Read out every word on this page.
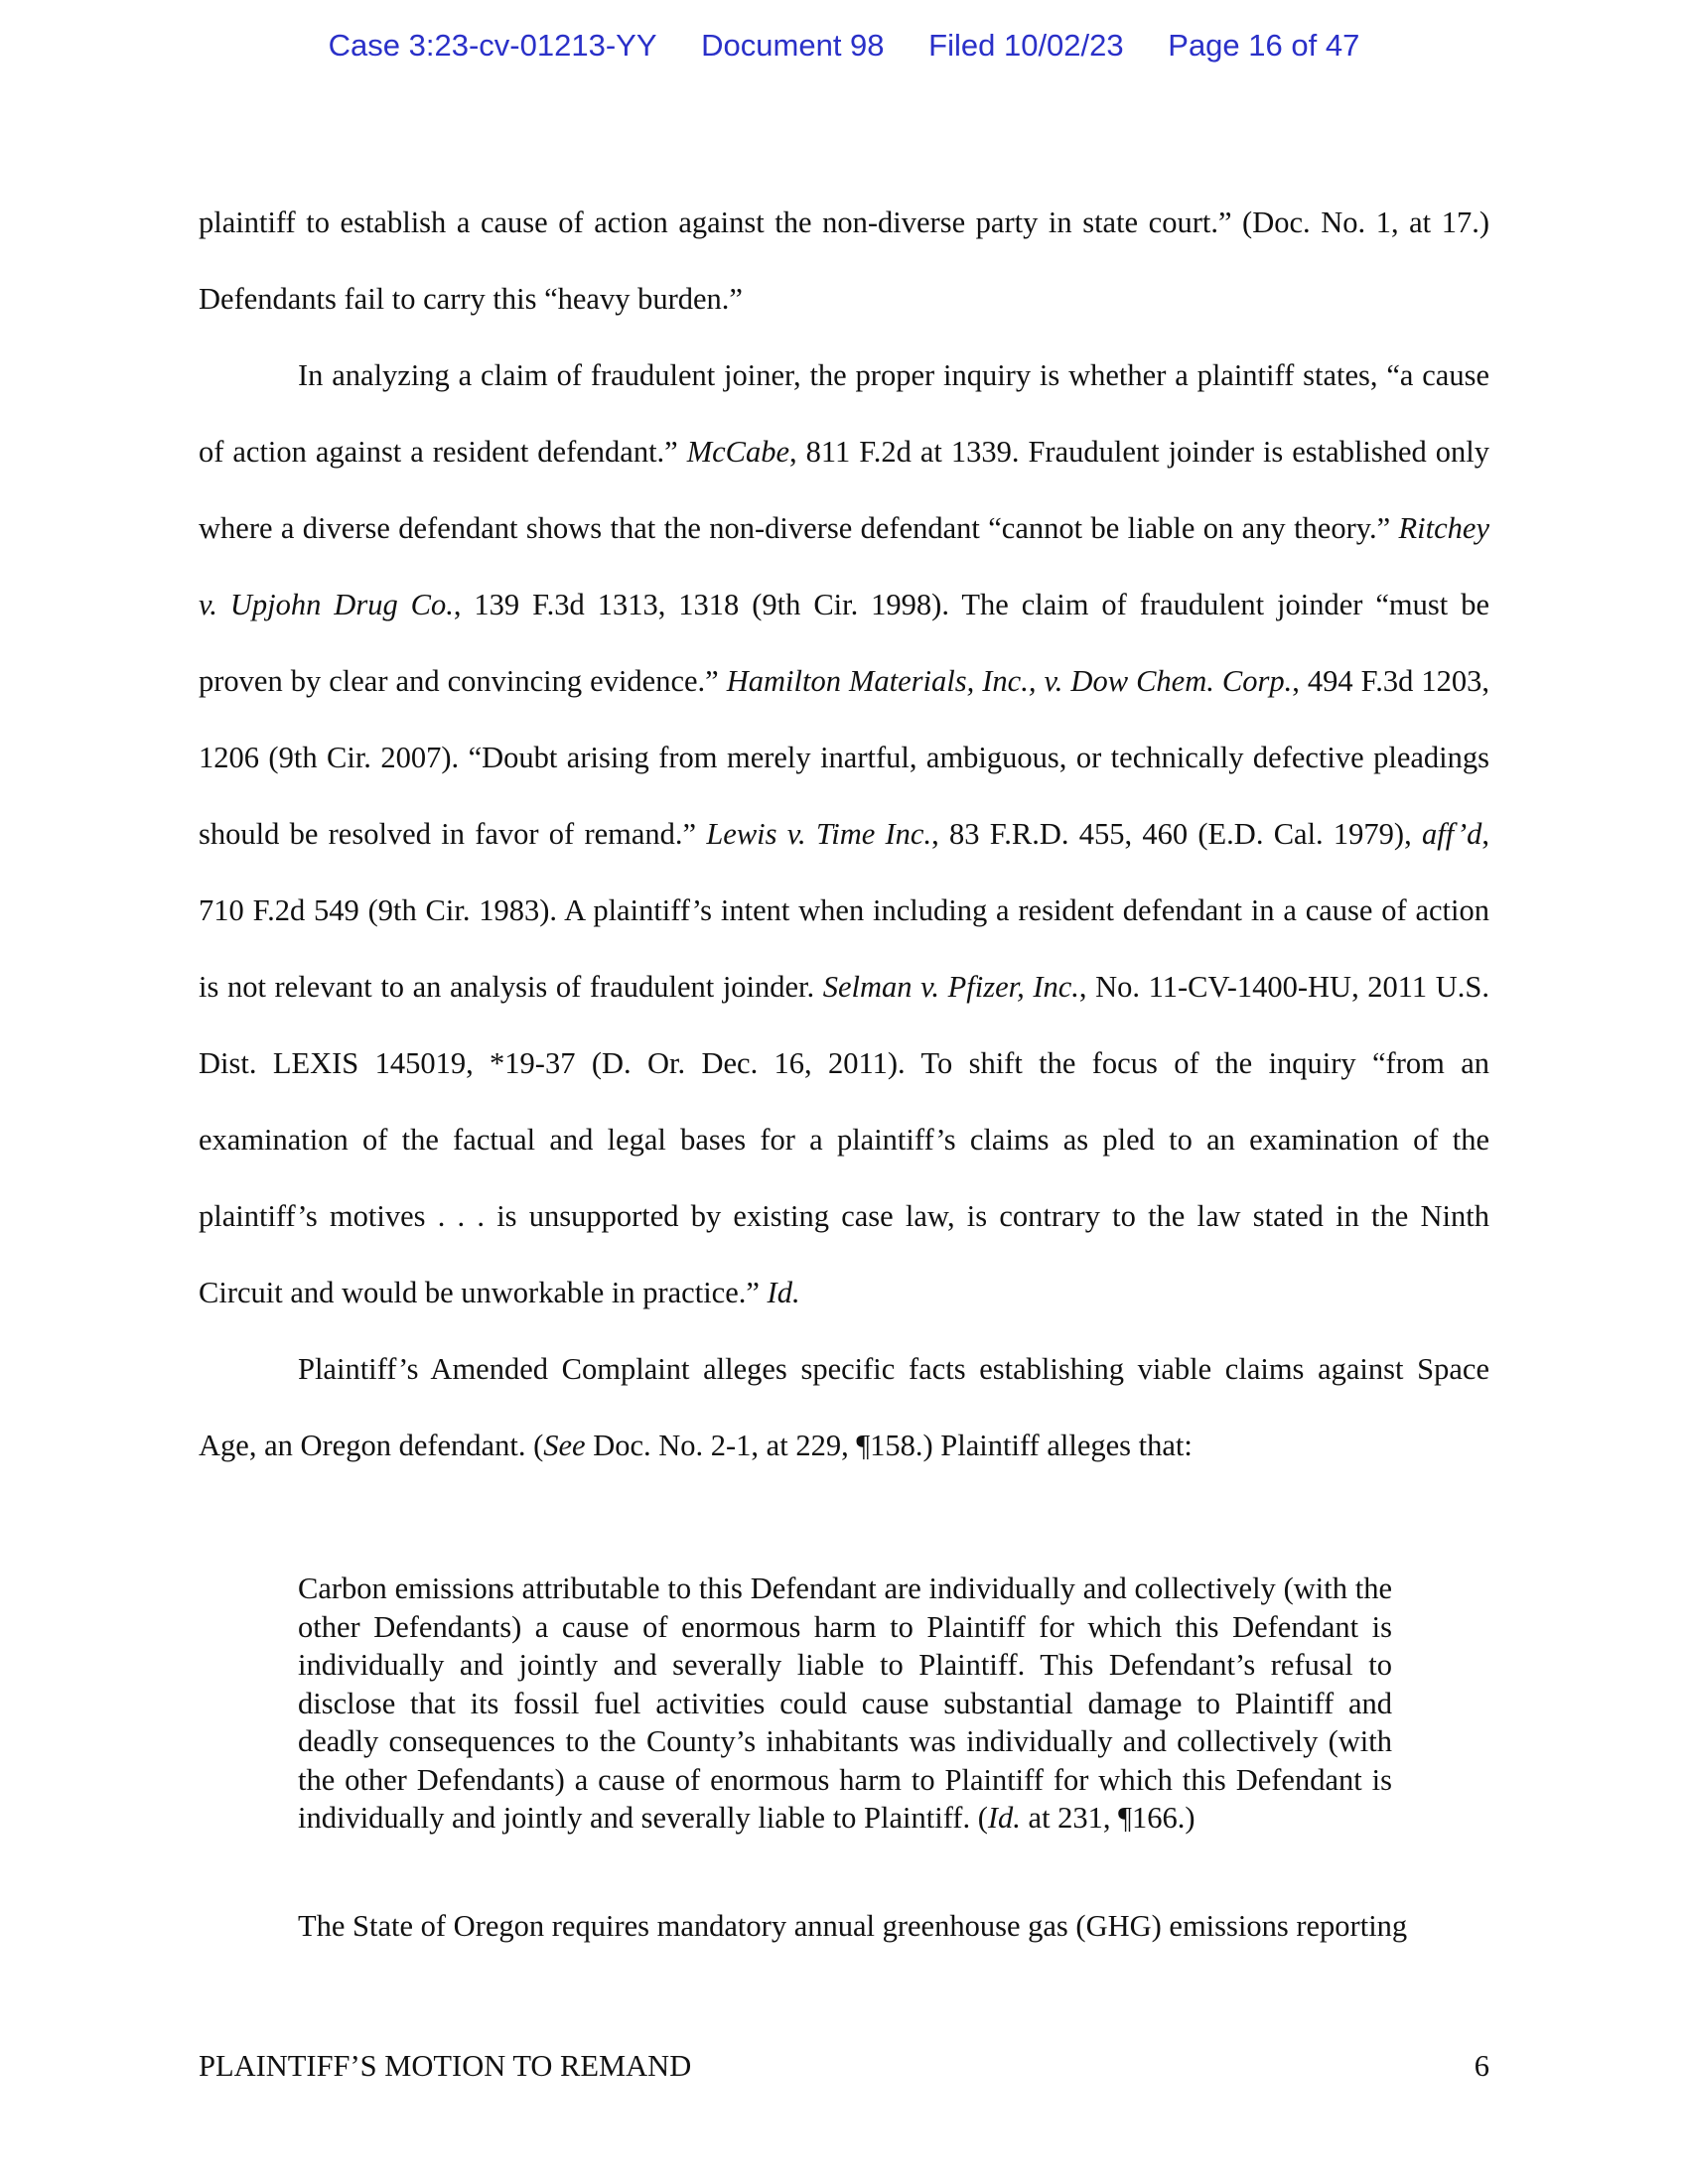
Case 3:23-cv-01213-YY Document 98 Filed 10/02/23 Page 16 of 47

plaintiff to establish a cause of action against the non-diverse party in state court.” (Doc. No. 1, at 17.) Defendants fail to carry this “heavy burden.”

In analyzing a claim of fraudulent joiner, the proper inquiry is whether a plaintiff states, “a cause of action against a resident defendant.” McCabe, 811 F.2d at 1339. Fraudulent joinder is established only where a diverse defendant shows that the non-diverse defendant “cannot be liable on any theory.” Ritchey v. Upjohn Drug Co., 139 F.3d 1313, 1318 (9th Cir. 1998). The claim of fraudulent joinder “must be proven by clear and convincing evidence.” Hamilton Materials, Inc., v. Dow Chem. Corp., 494 F.3d 1203, 1206 (9th Cir. 2007). “Doubt arising from merely inartful, ambiguous, or technically defective pleadings should be resolved in favor of remand.” Lewis v. Time Inc., 83 F.R.D. 455, 460 (E.D. Cal. 1979), aff’d, 710 F.2d 549 (9th Cir. 1983). A plaintiff’s intent when including a resident defendant in a cause of action is not relevant to an analysis of fraudulent joinder. Selman v. Pfizer, Inc., No. 11-CV-1400-HU, 2011 U.S. Dist. LEXIS 145019, *19-37 (D. Or. Dec. 16, 2011). To shift the focus of the inquiry “from an examination of the factual and legal bases for a plaintiff’s claims as pled to an examination of the plaintiff’s motives . . . is unsupported by existing case law, is contrary to the law stated in the Ninth Circuit and would be unworkable in practice.” Id.

Plaintiff’s Amended Complaint alleges specific facts establishing viable claims against Space Age, an Oregon defendant. (See Doc. No. 2-1, at 229, ¶158.) Plaintiff alleges that:

Carbon emissions attributable to this Defendant are individually and collectively (with the other Defendants) a cause of enormous harm to Plaintiff for which this Defendant is individually and jointly and severally liable to Plaintiff. This Defendant’s refusal to disclose that its fossil fuel activities could cause substantial damage to Plaintiff and deadly consequences to the County’s inhabitants was individually and collectively (with the other Defendants) a cause of enormous harm to Plaintiff for which this Defendant is individually and jointly and severally liable to Plaintiff. (Id. at 231, ¶166.)
The State of Oregon requires mandatory annual greenhouse gas (GHG) emissions reporting
PLAINTIFF’S MOTION TO REMAND	6
